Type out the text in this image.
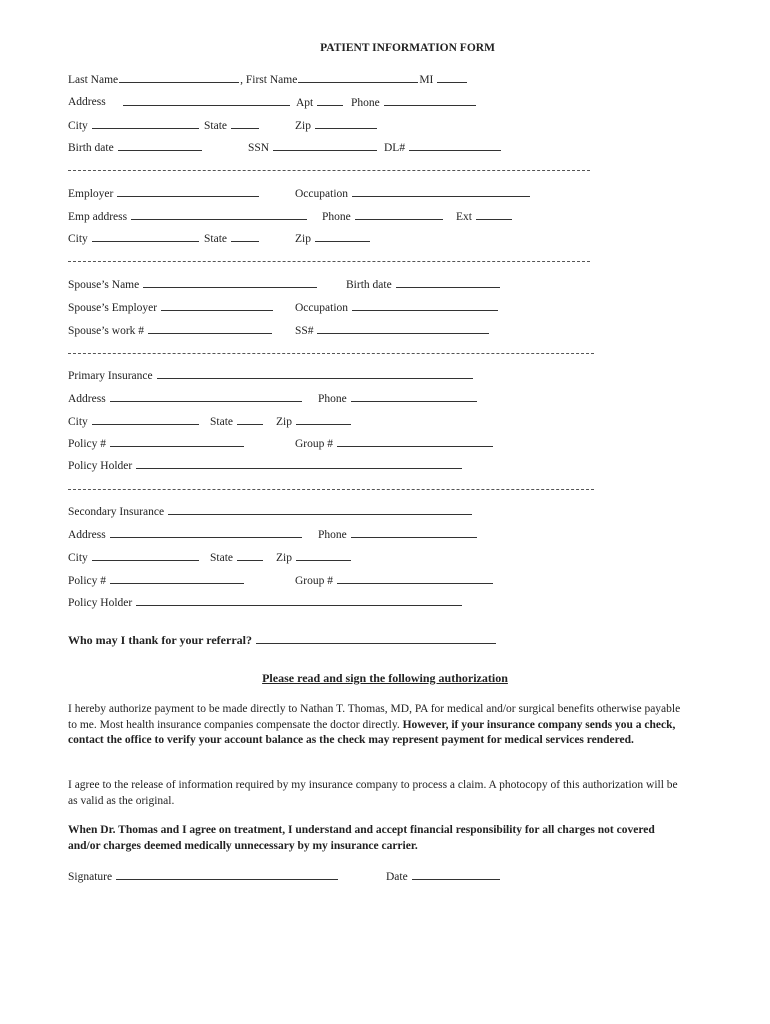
PATIENT INFORMATION FORM
Last Name	, First Name	MI
Address	Apt	Phone
City	State	Zip
Birth date	SSN	DL#
Employer	Occupation
Emp address	Phone	Ext
City	State	Zip
Spouse’s Name	Birth date
Spouse’s Employer	Occupation
Spouse’s work #	SS#
Primary Insurance
Address	Phone
City	State	Zip
Policy #	Group #
Policy Holder
Secondary Insurance
Address	Phone
City	State	Zip
Policy #	Group #
Policy Holder
Who may I thank for your referral?
Please read and sign the following authorization
I hereby authorize payment to be made directly to Nathan T. Thomas, MD, PA for medical and/or surgical benefits otherwise payable to me. Most health insurance companies compensate the doctor directly. However, if your insurance company sends you a check, contact the office to verify your account balance as the check may represent payment for medical services rendered.
I agree to the release of information required by my insurance company to process a claim. A photocopy of this authorization will be as valid as the original.
When Dr. Thomas and I agree on treatment, I understand and accept financial responsibility for all charges not covered and/or charges deemed medically unnecessary by my insurance carrier.
Signature	Date
